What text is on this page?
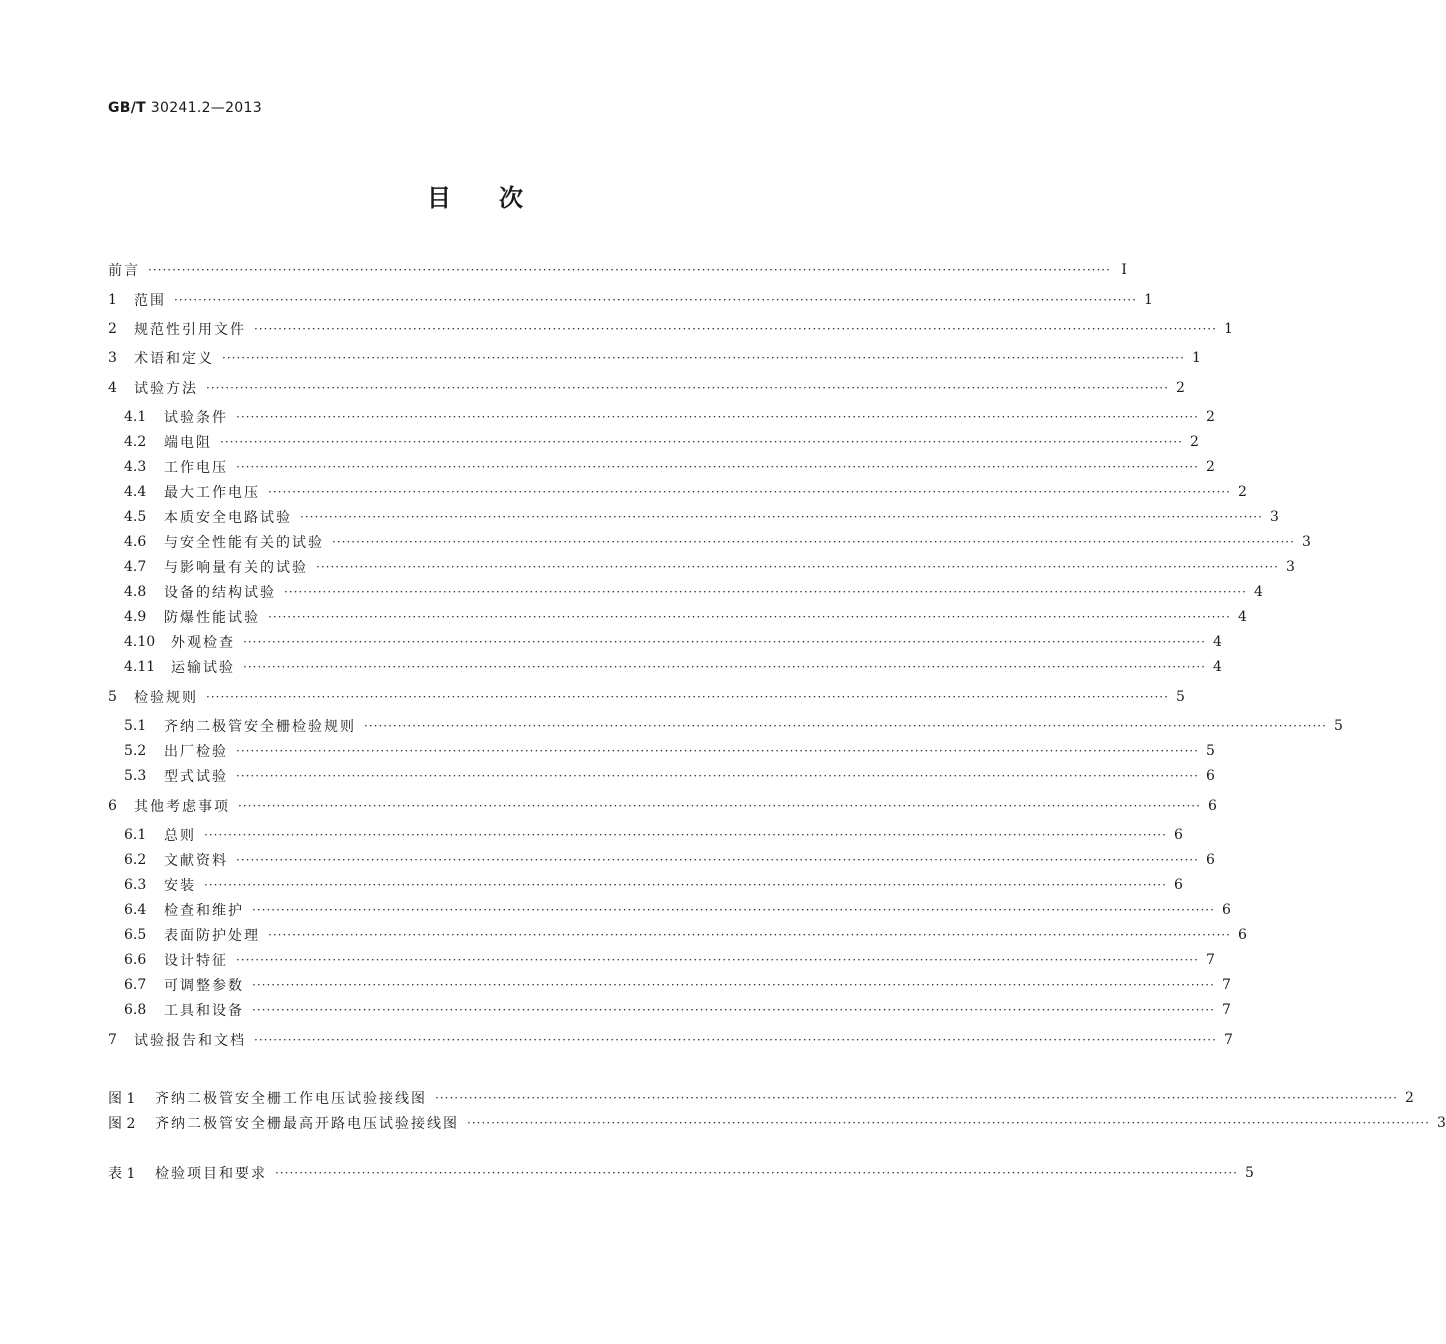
GB/T 30241.2—2013
目次
前言 ········································································································································································································ Ⅰ
1	范围 ········································································································································································································ 1
2	规范性引用文件 ········································································································································································································ 1
3	术语和定义 ········································································································································································································ 1
4	试验方法 ········································································································································································································ 2
4.1	试验条件 ········································································································································································································ 2
4.2	端电阻 ········································································································································································································ 2
4.3	工作电压 ········································································································································································································ 2
4.4	最大工作电压 ········································································································································································································ 2
4.5	本质安全电路试验 ········································································································································································································ 3
4.6	与安全性能有关的试验 ········································································································································································································ 3
4.7	与影响量有关的试验 ········································································································································································································ 3
4.8	设备的结构试验 ········································································································································································································ 4
4.9	防爆性能试验 ········································································································································································································ 4
4.10	外观检查 ········································································································································································································ 4
4.11	运输试验 ········································································································································································································ 4
5	检验规则 ········································································································································································································ 5
5.1	齐纳二极管安全栅检验规则 ········································································································································································································ 5
5.2	出厂检验 ········································································································································································································ 5
5.3	型式试验 ········································································································································································································ 6
6	其他考虑事项 ········································································································································································································ 6
6.1	总则 ········································································································································································································ 6
6.2	文献资料 ········································································································································································································ 6
6.3	安装 ········································································································································································································ 6
6.4	检查和维护 ········································································································································································································ 6
6.5	表面防护处理 ········································································································································································································ 6
6.6	设计特征 ········································································································································································································ 7
6.7	可调整参数 ········································································································································································································ 7
6.8	工具和设备 ········································································································································································································ 7
7	试验报告和文档 ········································································································································································································ 7
图 1	齐纳二极管安全栅工作电压试验接线图 ········································································································································································································ 2
图 2	齐纳二极管安全栅最高开路电压试验接线图 ········································································································································································································ 3
表 1	检验项目和要求 ········································································································································································································ 5
